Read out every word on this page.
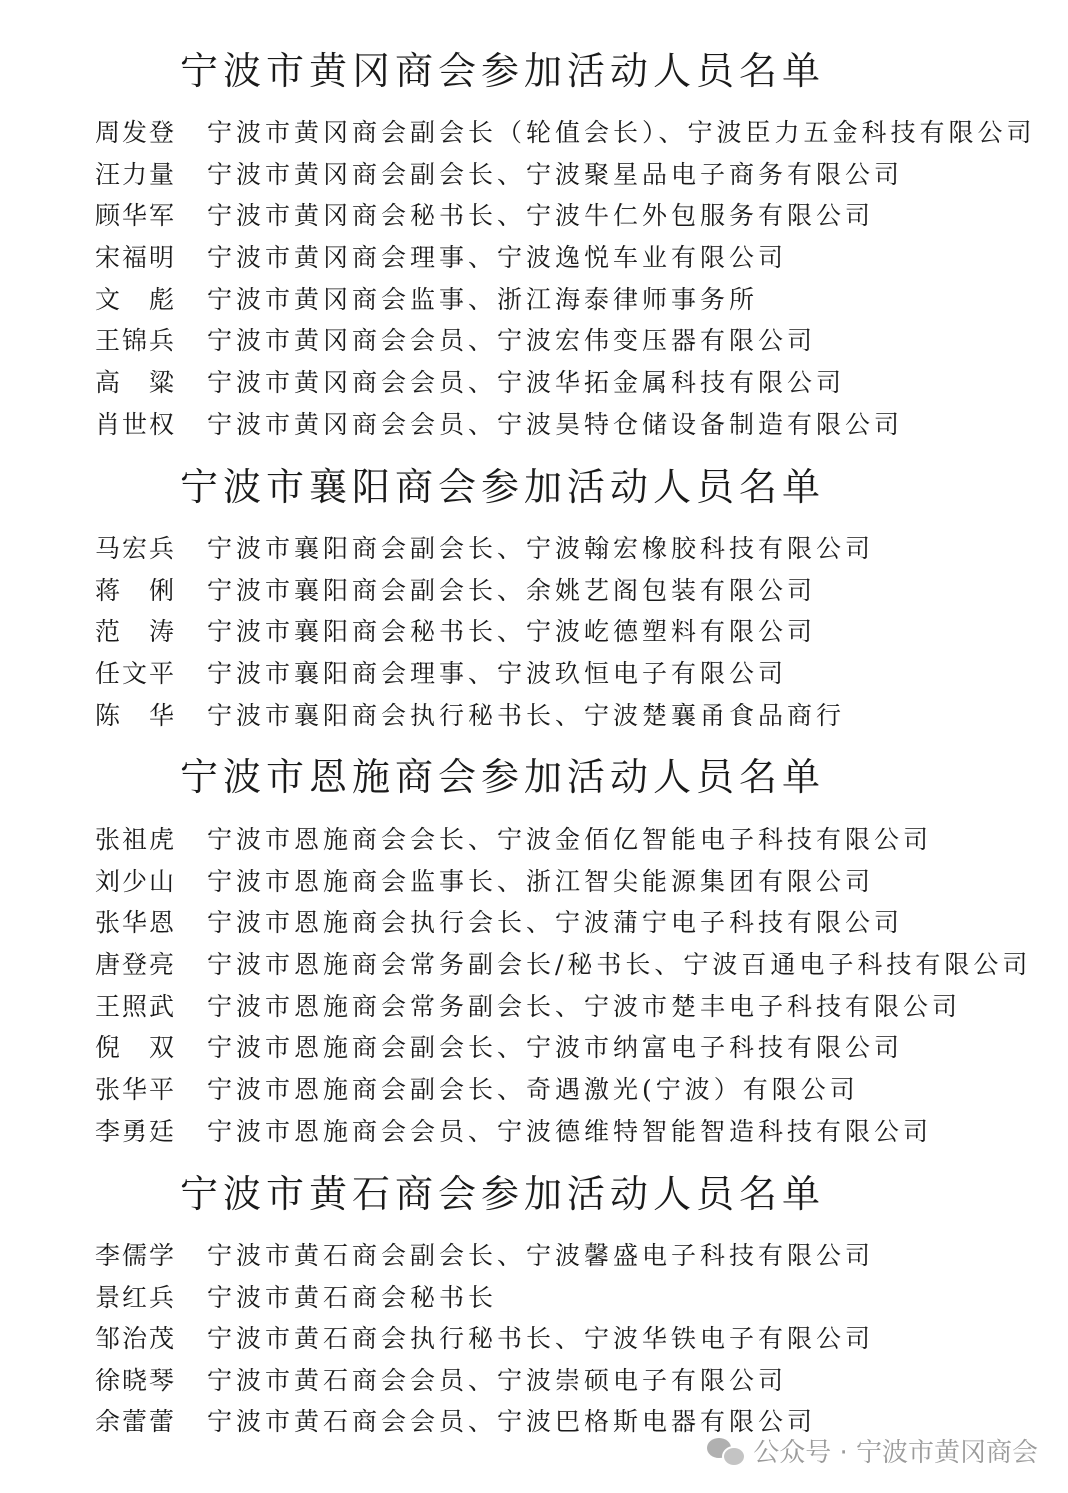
宁波市黄冈商会参加活动人员名单
周发登 宁波市黄冈商会副会长（轮值会长）、宁波臣力五金科技有限公司
汪力量 宁波市黄冈商会副会长、宁波聚星品电子商务有限公司
顾华军 宁波市黄冈商会秘书长、宁波牛仁外包服务有限公司
宋福明 宁波市黄冈商会理事、宁波逸悦车业有限公司
文　彪 宁波市黄冈商会监事、浙江海泰律师事务所
王锦兵 宁波市黄冈商会会员、宁波宏伟变压器有限公司
高　粱 宁波市黄冈商会会员、宁波华拓金属科技有限公司
肖世权 宁波市黄冈商会会员、宁波昊特仓储设备制造有限公司
宁波市襄阳商会参加活动人员名单
马宏兵 宁波市襄阳商会副会长、宁波翰宏橡胶科技有限公司
蒋　俐 宁波市襄阳商会副会长、余姚艺阁包装有限公司
范　涛 宁波市襄阳商会秘书长、宁波屹德塑料有限公司
任文平 宁波市襄阳商会理事、宁波玖恒电子有限公司
陈　华 宁波市襄阳商会执行秘书长、宁波楚襄甬食品商行
宁波市恩施商会参加活动人员名单
张祖虎 宁波市恩施商会会长、宁波金佰亿智能电子科技有限公司
刘少山 宁波市恩施商会监事长、浙江智尖能源集团有限公司
张华恩 宁波市恩施商会执行会长、宁波蒲宁电子科技有限公司
唐登亮 宁波市恩施商会常务副会长/秘书长、宁波百通电子科技有限公司
王照武 宁波市恩施商会常务副会长、宁波市楚丰电子科技有限公司
倪　双 宁波市恩施商会副会长、宁波市纳富电子科技有限公司
张华平 宁波市恩施商会副会长、奇遇激光(宁波）有限公司
李勇廷 宁波市恩施商会会员、宁波德维特智能智造科技有限公司
宁波市黄石商会参加活动人员名单
李儒学 宁波市黄石商会副会长、宁波馨盛电子科技有限公司
景红兵 宁波市黄石商会秘书长
邹治茂 宁波市黄石商会执行秘书长、宁波华铁电子有限公司
徐晓琴 宁波市黄石商会会员、宁波崇硕电子有限公司
余蕾蕾 宁波市黄石商会会员、宁波巴格斯电器有限公司
公众号 · 宁波市黄冈商会
